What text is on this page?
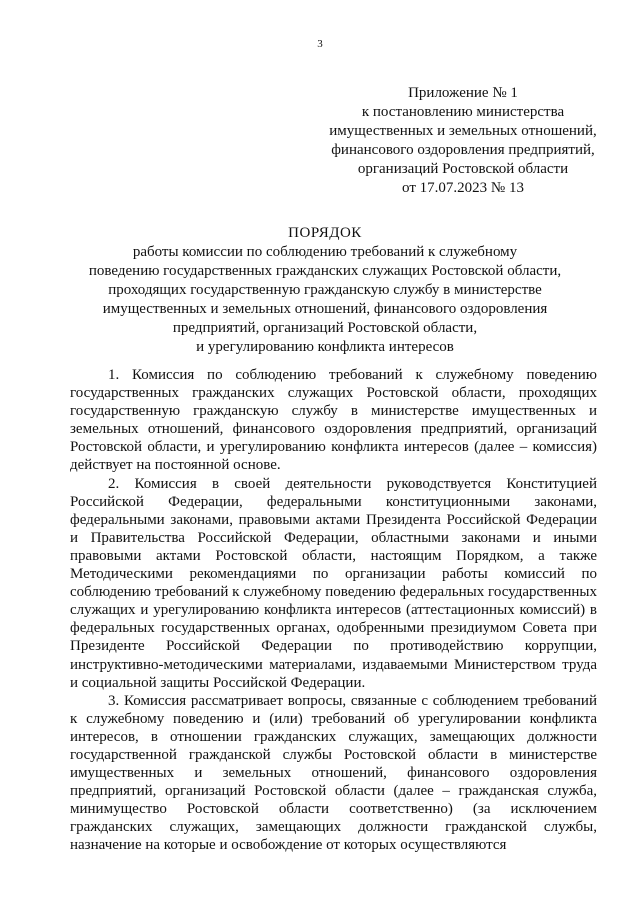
3
Приложение № 1
к постановлению министерства
имущественных и земельных отношений,
финансового оздоровления предприятий,
организаций Ростовской области
от 17.07.2023 № 13
ПОРЯДОК
работы комиссии по соблюдению требований к служебному
поведению государственных гражданских служащих Ростовской области,
проходящих государственную гражданскую службу в министерстве
имущественных и земельных отношений, финансового оздоровления
предприятий, организаций Ростовской области,
и урегулированию конфликта интересов

1. Комиссия по соблюдению требований к служебному поведению государственных гражданских служащих Ростовской области, проходящих государственную гражданскую службу в министерстве имущественных и земельных отношений, финансового оздоровления предприятий, организаций Ростовской области, и урегулированию конфликта интересов (далее – комиссия) действует на постоянной основе.

2. Комиссия в своей деятельности руководствуется Конституцией Российской Федерации, федеральными конституционными законами, федеральными законами, правовыми актами Президента Российской Федерации и Правительства Российской Федерации, областными законами и иными правовыми актами Ростовской области, настоящим Порядком, а также Методическими рекомендациями по организации работы комиссий по соблюдению требований к служебному поведению федеральных государственных служащих и урегулированию конфликта интересов (аттестационных комиссий) в федеральных государственных органах, одобренными президиумом Совета при Президенте Российской Федерации по противодействию коррупции, инструктивно-методическими материалами, издаваемыми Министерством труда и социальной защиты Российской Федерации.

3. Комиссия рассматривает вопросы, связанные с соблюдением требований к служебному поведению и (или) требований об урегулировании конфликта интересов, в отношении гражданских служащих, замещающих должности государственной гражданской службы Ростовской области в министерстве имущественных и земельных отношений, финансового оздоровления предприятий, организаций Ростовской области (далее – гражданская служба, минимущество Ростовской области соответственно) (за исключением гражданских служащих, замещающих должности гражданской службы, назначение на которые и освобождение от которых осуществляются
